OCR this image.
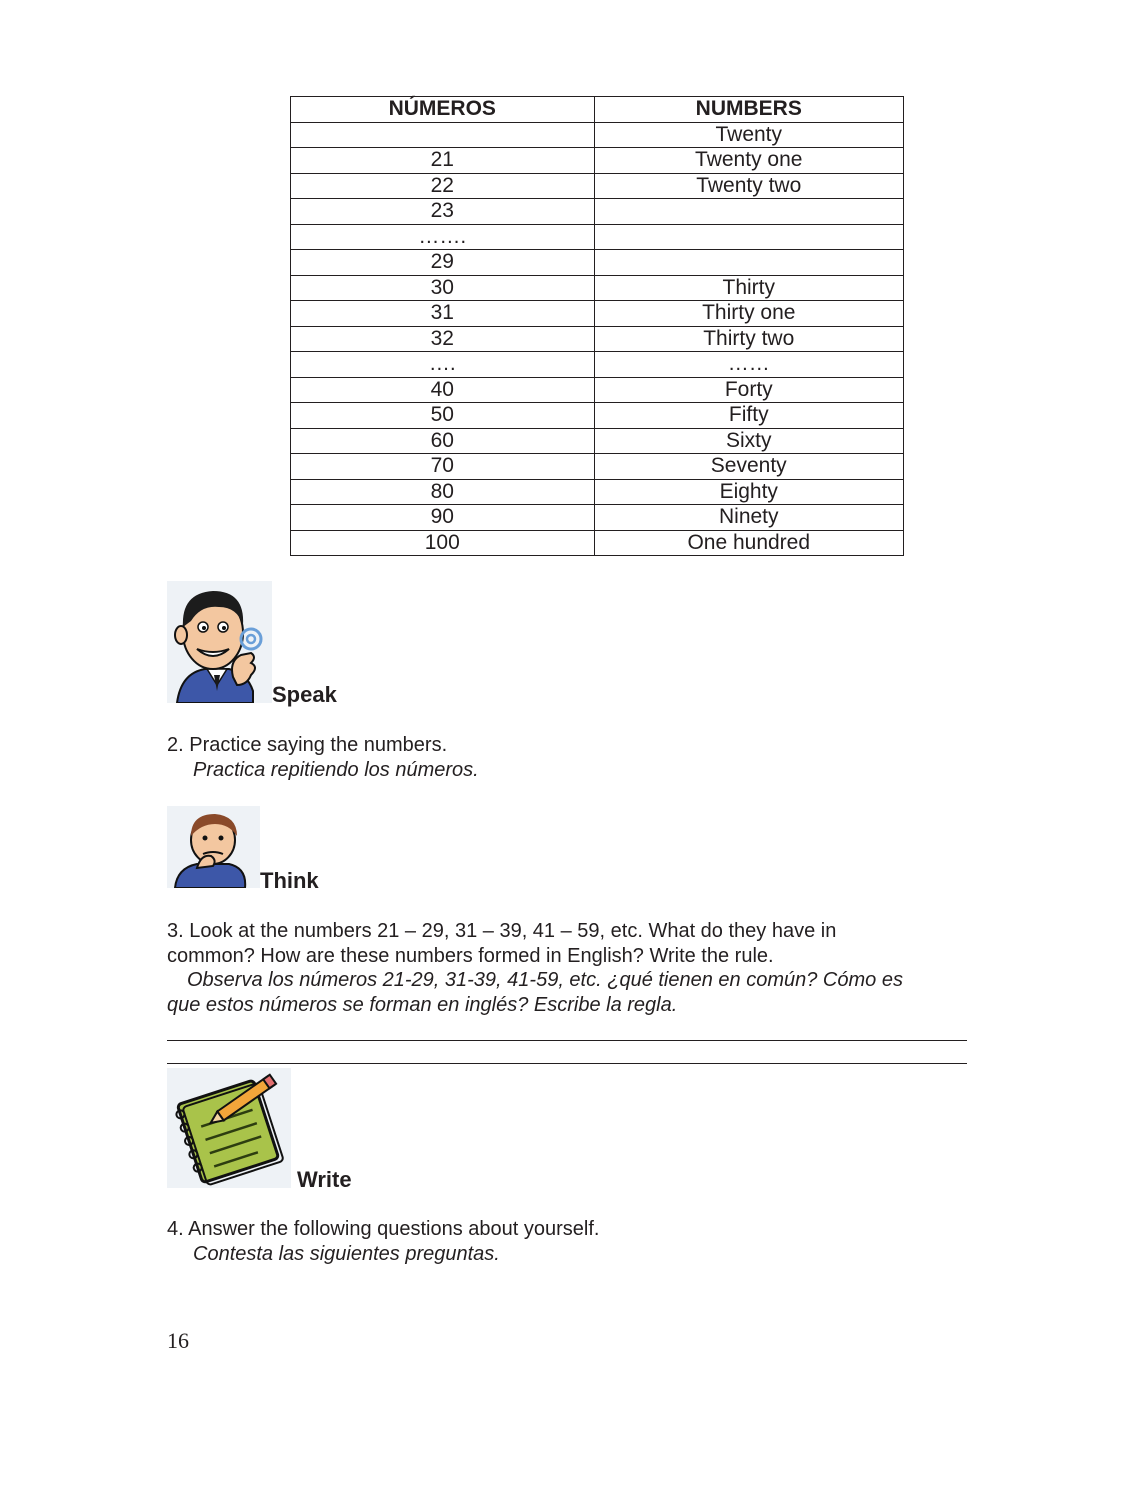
NÚMEROS	NUMBERS
	Twenty
21	Twenty one
22	Twenty two
23	
…….	
29	
30	Thirty
31	Thirty one
32	Thirty two
….	……
40	Forty
50	Fifty
60	Sixty
70	Seventy
80	Eighty
90	Ninety
100	One hundred
Speak
2. Practice saying the numbers.
Practica repitiendo los números.
Think
3. Look at the numbers 21 – 29, 31 – 39, 41 – 59, etc. What do they have in
common? How are these numbers formed in English? Write the rule.
Observa los números 21-29, 31-39, 41-59, etc. ¿qué tienen en común? Cómo es
que estos números se forman en inglés? Escribe la regla.
Write
4. Answer the following questions about yourself.
Contesta las siguientes preguntas.
16
